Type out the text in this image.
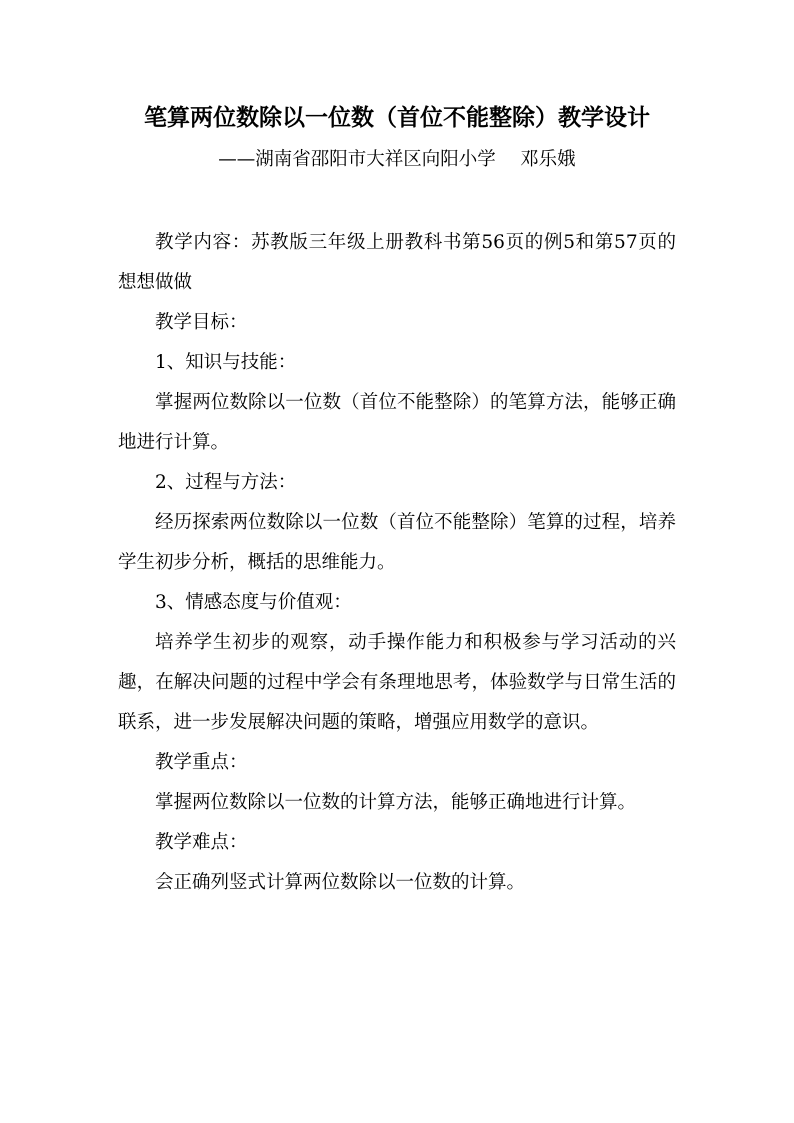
笔算两位数除以一位数（首位不能整除）教学设计
——湖南省邵阳市大祥区向阳小学　 邓乐娥

教学内容：苏教版三年级上册教科书第56页的例5和第57页的想想做做

教学目标：

1、知识与技能：

掌握两位数除以一位数（首位不能整除）的笔算方法，能够正确地进行计算。

2、过程与方法：

经历探索两位数除以一位数（首位不能整除）笔算的过程，培养学生初步分析，概括的思维能力。

3、情感态度与价值观：

培养学生初步的观察，动手操作能力和积极参与学习活动的兴趣，在解决问题的过程中学会有条理地思考，体验数学与日常生活的联系，进一步发展解决问题的策略，增强应用数学的意识。

教学重点：

掌握两位数除以一位数的计算方法，能够正确地进行计算。

教学难点：

会正确列竖式计算两位数除以一位数的计算。
